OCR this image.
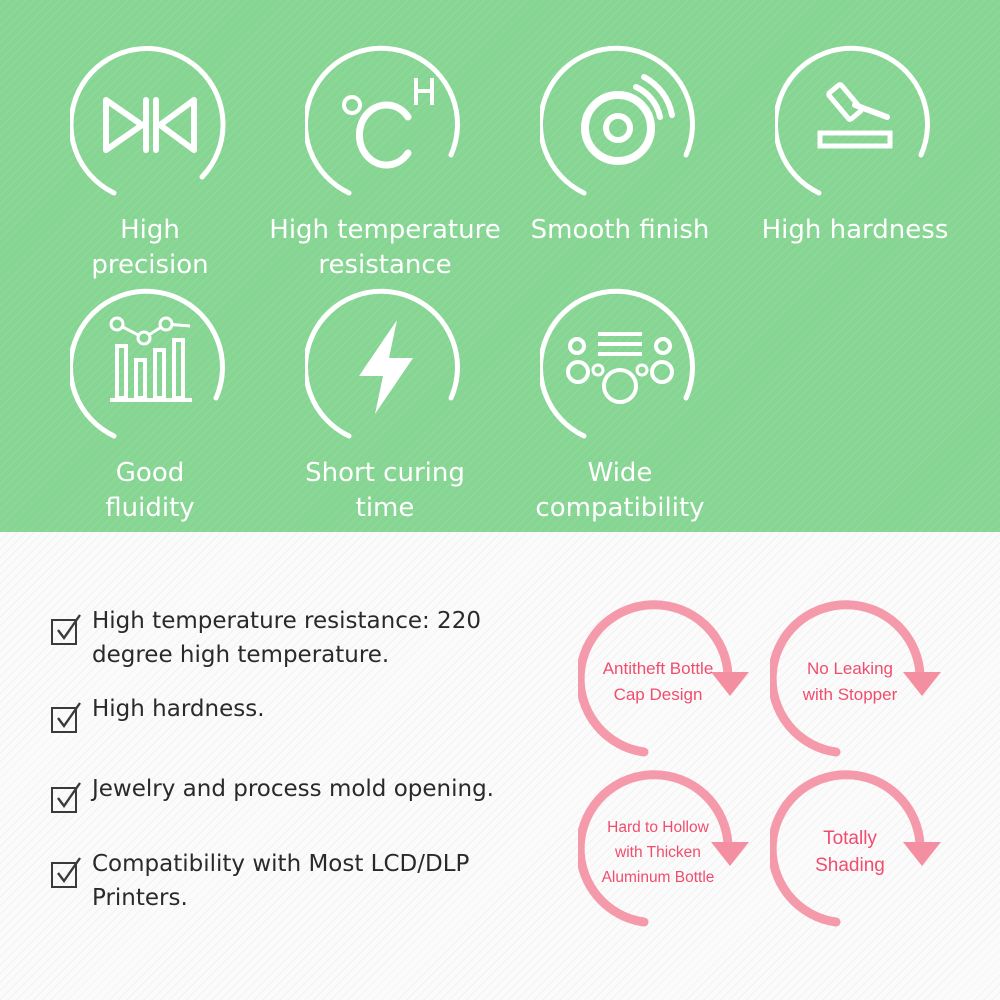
High
precision
High temperature
resistance
Smooth finish	High hardness
Good
fluidity
Short curing
time
Wide
compatibility
High temperature resistance: 220 degree high temperature.
High hardness.
Jewelry and process mold opening.
Compatibility with Most LCD/DLP Printers.
Antitheft Bottle
Cap Design
No Leaking
with Stopper
Hard to Hollow
with Thicken
Aluminum Bottle
Totally
Shading
